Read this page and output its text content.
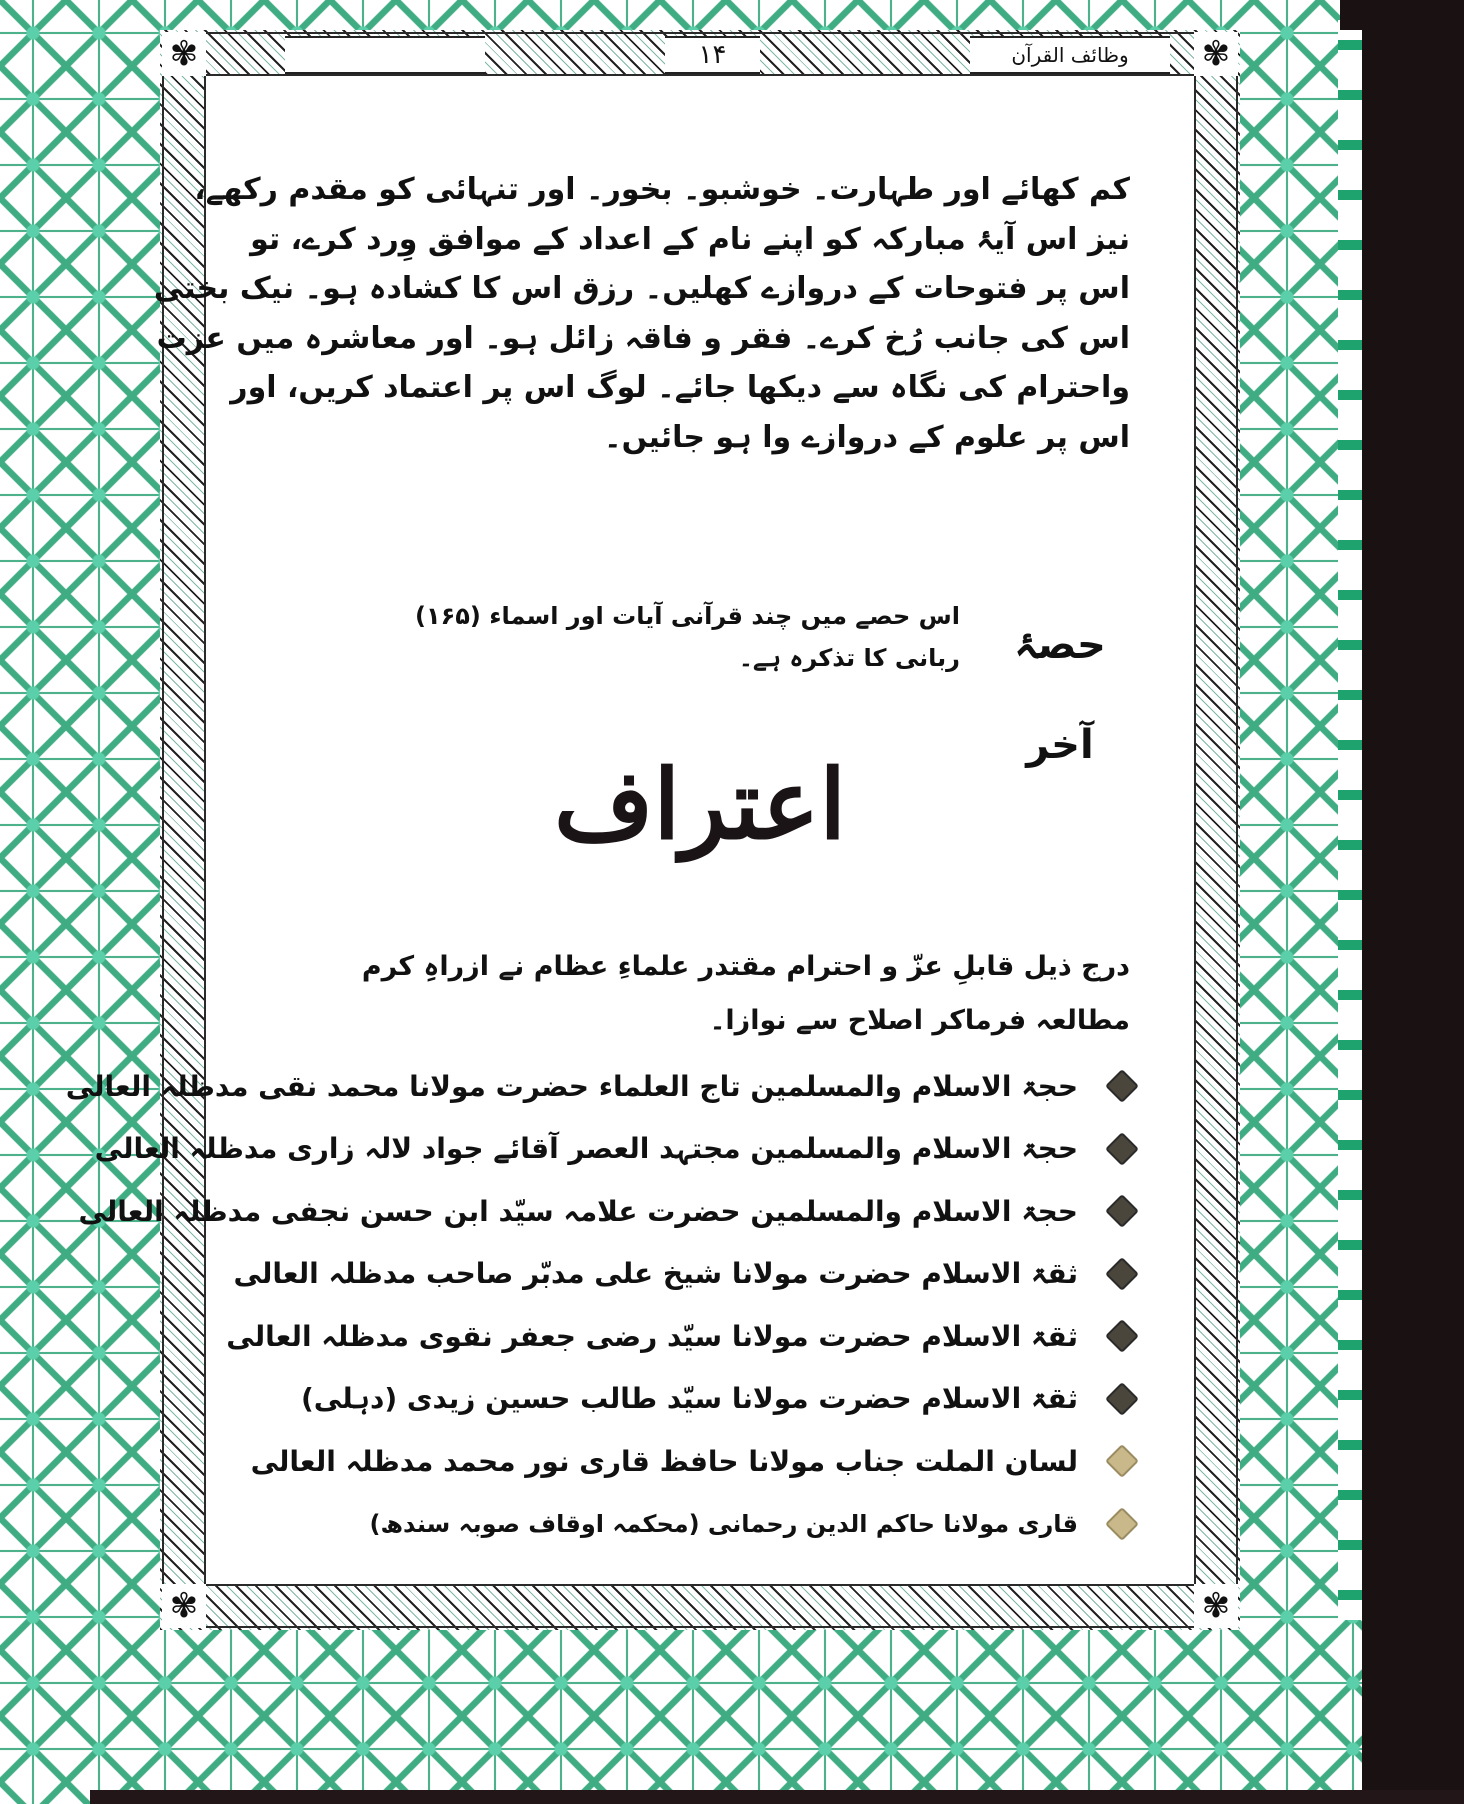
✾	✾
✾	✾
۱۴	وظائف القرآن
کم کھائے اور طہارت۔ خوشبو۔ بخور۔ اور تنہائی کو مقدم رکھے،
نیز اس آیۂ مبارکہ کو اپنے نام کے اعداد کے موافق وِرد کرے، تو
اس پر فتوحات کے دروازے کھلیں۔ رزق اس کا کشادہ ہو۔ نیک بختی
اس کی جانب رُخ کرے۔ فقر و فاقہ زائل ہو۔ اور معاشرہ میں عزت
واحترام کی نگاہ سے دیکھا جائے۔ لوگ اس پر اعتماد کریں، اور
اس پر علوم کے دروازے وا ہو جائیں۔
حصۂ آخر
اس حصے میں چند قرآنی آیات اور اسماء (۱۶۵)
ربانی کا تذکرہ ہے۔
اعتراف
درج ذیل قابلِ عزّ و احترام مقتدر علماءِ عظام نے ازراہِ کرم
مطالعہ فرماکر اصلاح سے نوازا۔
حجۃ الاسلام والمسلمین تاج العلماء حضرت مولانا محمد نقی مدظلہ العالی
حجۃ الاسلام والمسلمین مجتہد العصر آقائے جواد لالہ زاری مدظلہ العالی
حجۃ الاسلام والمسلمین حضرت علامہ سیّد ابن حسن نجفی مدظلہ العالی
ثقۃ الاسلام حضرت مولانا شیخ علی مدبّر صاحب مدظلہ العالی
ثقۃ الاسلام حضرت مولانا سیّد رضی جعفر نقوی مدظلہ العالی
ثقۃ الاسلام حضرت مولانا سیّد طالب حسین زیدی (دہلی)
لسان الملت جناب مولانا حافظ قاری نور محمد مدظلہ العالی
قاری مولانا حاکم الدین رحمانی (محکمہ اوقاف صوبہ سندھ)
